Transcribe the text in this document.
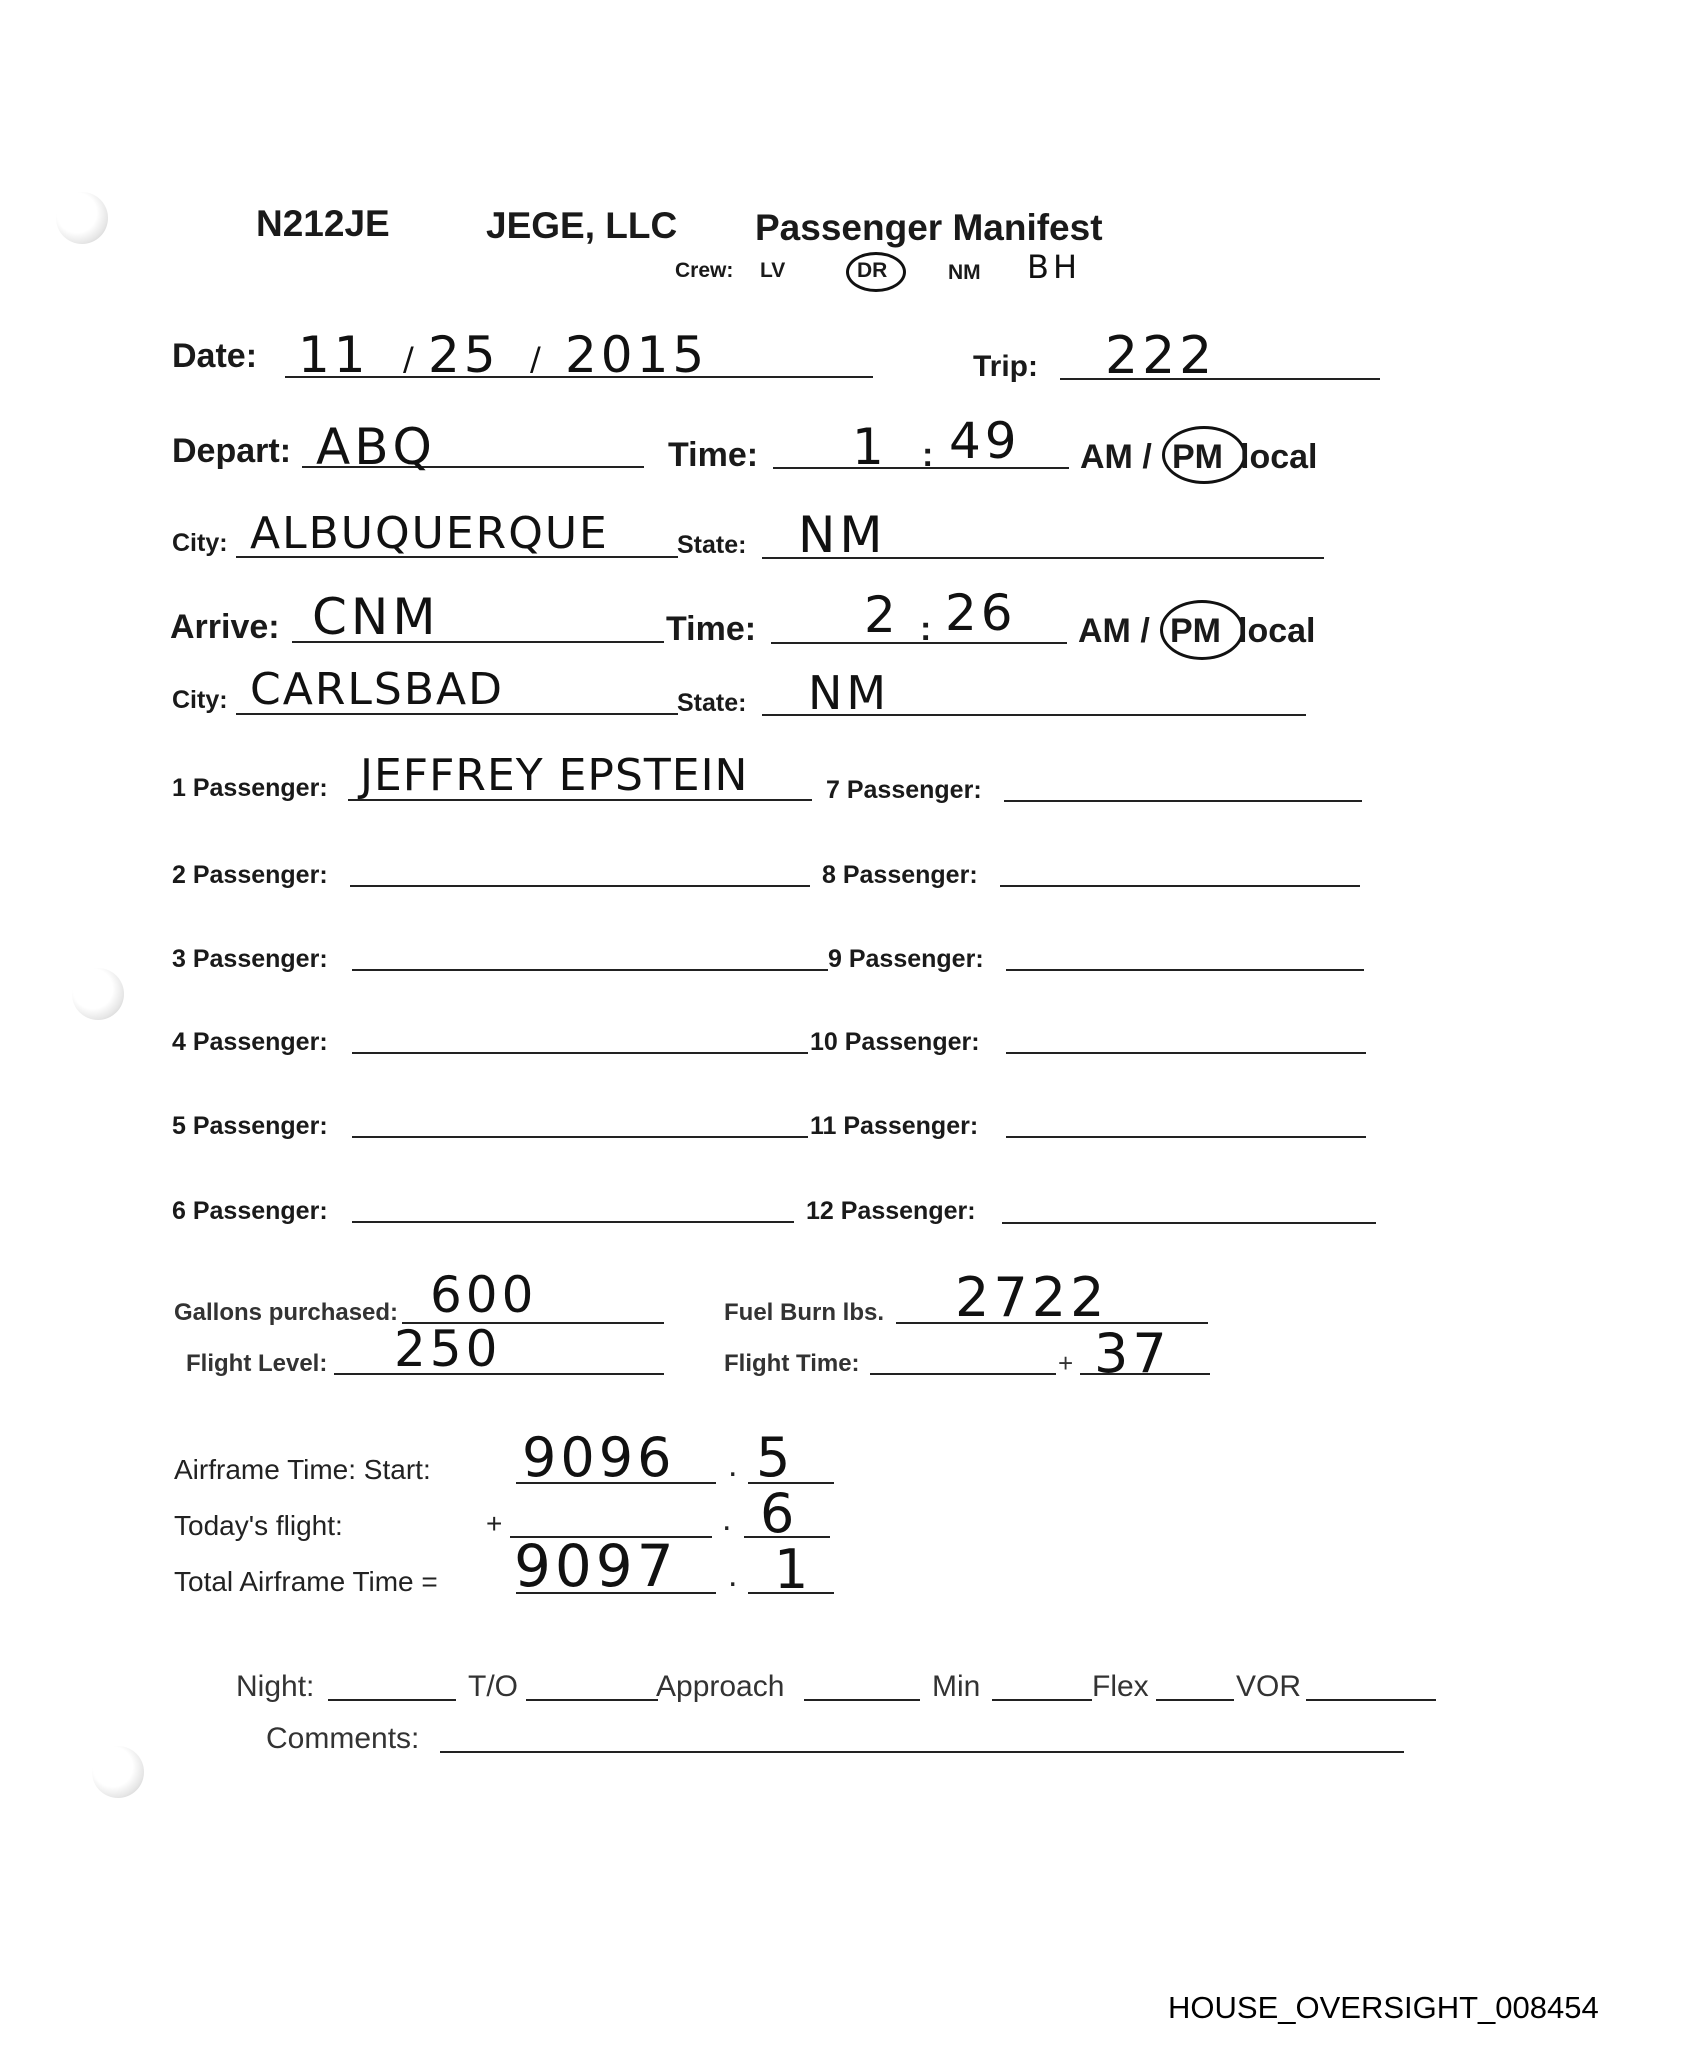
N212JE	JEGE, LLC Passenger Manifest
Crew: LV	DR	NM BH
Date: 11 / 25 / 2015	Trip: 222
Depart: ABQ	Time: 1 : 49 AM / PM local
City: ALBUQUERQUE	State: NM
Arrive: CNM	Time: 2 : 26 AM / PM local
City: CARLSBAD	State: NM
1 Passenger: JEFFREY EPSTEIN
2 Passenger:
3 Passenger:
4 Passenger:
5 Passenger:
6 Passenger:
7 Passenger:
8 Passenger:
9 Passenger:
10 Passenger:
11 Passenger:
12 Passenger:
Gallons purchased: 600	Fuel Burn lbs. 2722
Flight Level: 250	Flight Time:	+ 37
Airframe Time: Start: 9096 . 5
Today's flight:	+	. 6
Total Airframe Time = 9097 . 1
Night:	T/O	Approach	Min	Flex	VOR
Comments:
HOUSE_OVERSIGHT_008454
